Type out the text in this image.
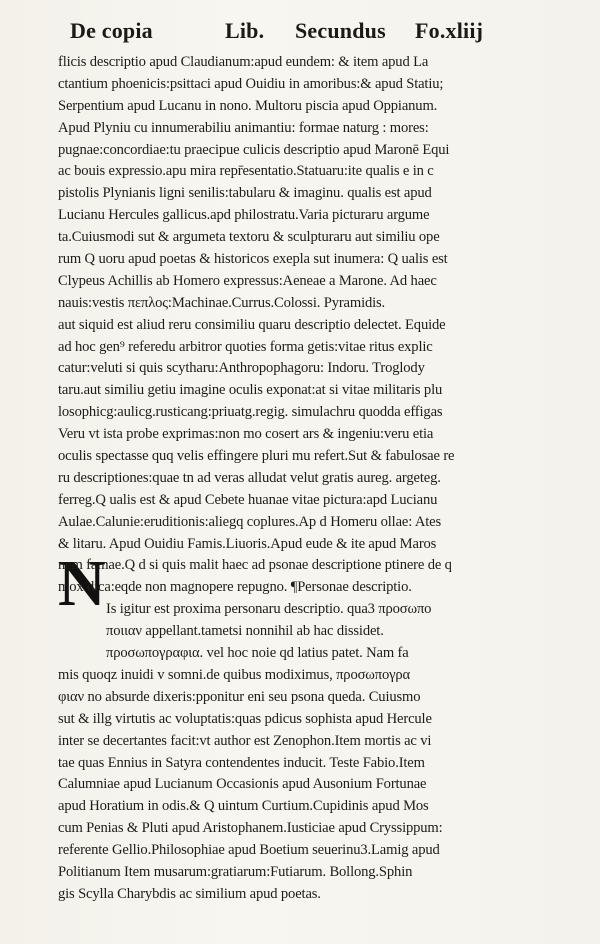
De copia	Lib. Secundus Fo.xliij
N
flicis descriptio apud Claudianum:apud eundem: & item apud La
ctantium phoenicis:psittaci apud Ouidiu in amoribus:& apud Statiu;
Serpentium apud Lucanu in nono. Multoru piscia apud Oppianum.
Apud Plyniu cu innumerabiliu animantiu: formae naturg : mores:
pugnae:concordiae:tu praecipue culicis descriptio apud Maronē Equi
ac bouis expressio.apu mira repr̄esentatio.Statuaru:ite qualis e in c
pistolis Plynianis ligni senilis:tabularu & imaginu. qualis est apud
Lucianu Hercules gallicus.apd philostratu.Varia picturaru argume
ta.Cuiusmodi sut & argumeta textoru & sculpturaru aut similiu ope
rum Q uoru apud poetas & historicos exepla sut inumera: Q ualis est
Clypeus Achillis ab Homero expressus:Aeneae a Marone. Ad haec
nauis:vestis πεπλος:Machinae.Currus.Colossi. Pyramidis.
aut siquid est aliud reru consimiliu quaru descriptio delectet. Equide
ad hoc gen⁹ referedu arbitror quoties forma getis:vitae ritus explic
catur:veluti si quis scytharu:Anthropophagoru: Indoru. Troglody
taru.aut similiu getiu imagine oculis exponat:at si vitae militaris plu
losophicg:aulicg.rusticang:priuatg.regig. simulachru quodda effigas
Veru vt ista probe exprimas:non mo cosert ars & ingeniu:veru etia
oculis spectasse quq velis effingere pluri mu refert.Sut & fabulosae re
ru descriptiones:quae tn ad veras alludat velut gratis aureg. argeteg.
ferreg.Q ualis est & apud Cebete huanae vitae pictura:apd Lucianu
Aulae.Calunie:eruditionis:aliegq coplures.Ap d Homeru ollae: Ates
& litaru. Apud Ouidiu Famis.Liuoris.Apud eude & ite apud Maros
nem famae.Q d si quis malit haec ad psonae descriptione ptinere de q
mox dica:eqde non magnopere repugno. ¶Personae descriptio.
Is igitur est proxima personaru descriptio. qua3 προσωπο
ποιιαν appellant.tametsi nonnihil ab hac dissidet.
προσωπογραφια. vel hoc noie qd latius patet. Nam fa
mis quoqz inuidi v somni.de quibus modiximus, προσωπογρα
φιαν no absurde dixeris:pponitur eni seu psona queda. Cuiusmo
sut & illg virtutis ac voluptatis:quas pdicus sophista apud Hercule
inter se decertantes facit:vt author est Zenophon.Item mortis ac vi
tae quas Ennius in Satyra contendentes inducit. Teste Fabio.Item
Calumniae apud Lucianum Occasionis apud Ausonium Fortunae
apud Horatium in odis.& Q uintum Curtium.Cupidinis apud Mos
cum Penias & Pluti apud Aristophanem.Iusticiae apud Cryssippum:
referente Gellio.Philosophiae apud Boetium seuerinu3.Lamig apud
Politianum Item musarum:gratiarum:Futiarum. Bollong.Sphin
gis Scylla Charybdis ac similium apud poetas.
